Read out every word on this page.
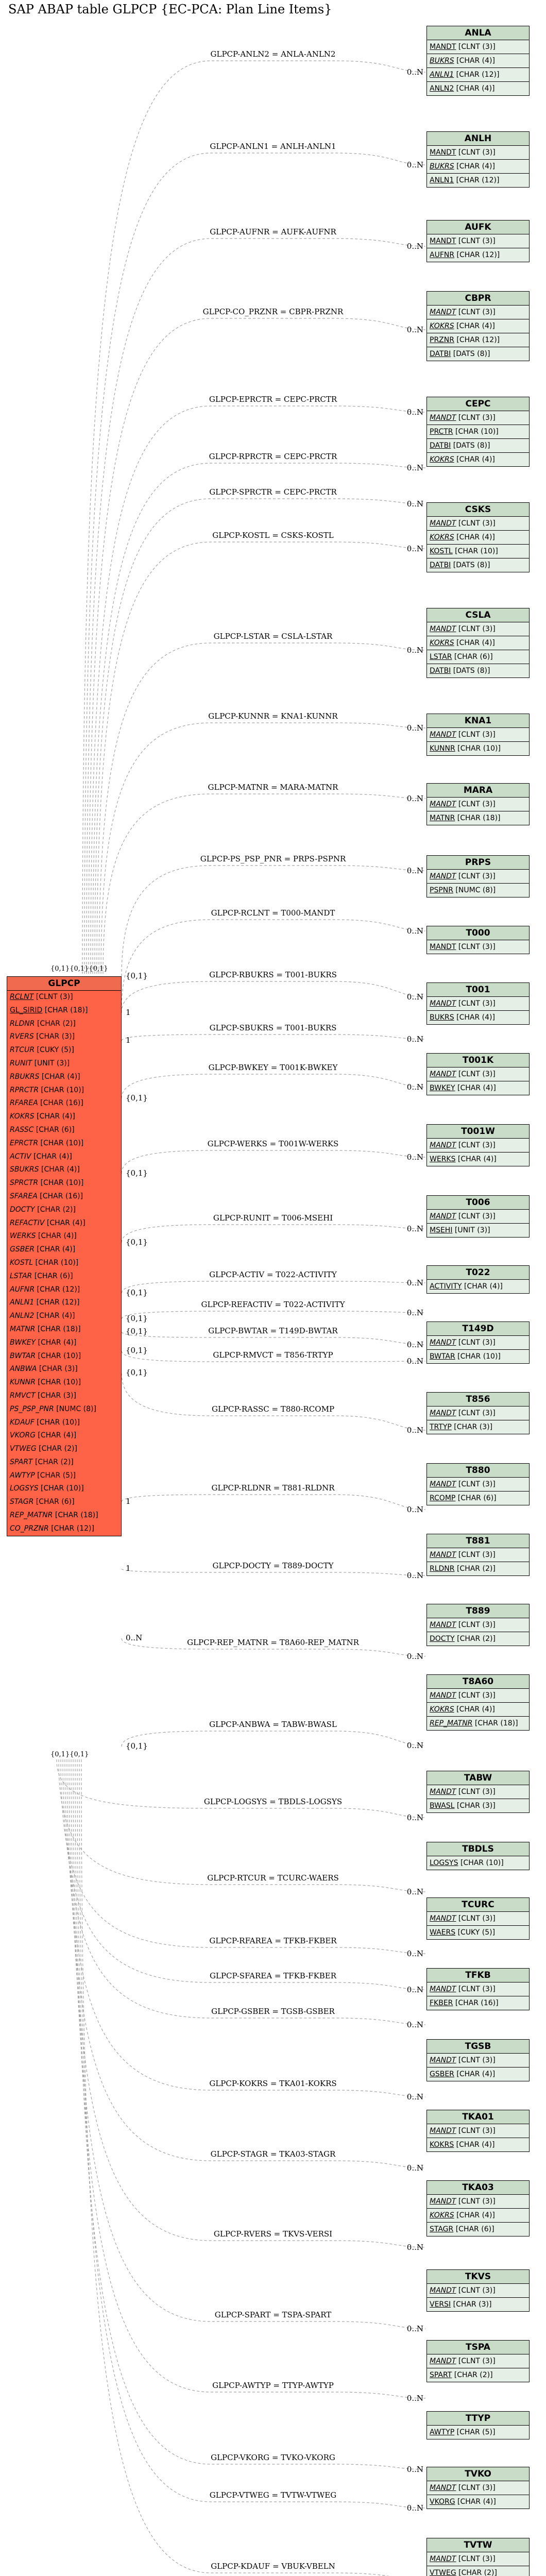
SAP ABAP table GLPCP {EC-PCA: Plan Line Items}
GLPCP-ANLN2 = ANLA-ANLN2
0..N
GLPCP-ANLN1 = ANLH-ANLN1
0..N
GLPCP-AUFNR = AUFK-AUFNR
0..N
GLPCP-CO_PRZNR = CBPR-PRZNR
0..N
GLPCP-EPRCTR = CEPC-PRCTR
0..N
GLPCP-RPRCTR = CEPC-PRCTR
0..N
GLPCP-SPRCTR = CEPC-PRCTR
0..N
GLPCP-KOSTL = CSKS-KOSTL
0..N
GLPCP-LSTAR = CSLA-LSTAR
0..N
GLPCP-KUNNR = KNA1-KUNNR
0..N
GLPCP-MATNR = MARA-MATNR
0..N
GLPCP-PS_PSP_PNR = PRPS-PSPNR
0..N
{0,1}
GLPCP-RCLNT = T000-MANDT
0..N
GLPCP-RBUKRS = T001-BUKRS
0..N
1
GLPCP-SBUKRS = T001-BUKRS
0..N
1
GLPCP-BWKEY = T001K-BWKEY
0..N
{0,1}
GLPCP-WERKS = T001W-WERKS
0..N
{0,1}
GLPCP-RUNIT = T006-MSEHI
0..N
{0,1}
GLPCP-ACTIV = T022-ACTIVITY
0..N
{0,1}
GLPCP-REFACTIV = T022-ACTIVITY
0..N
{0,1}
GLPCP-BWTAR = T149D-BWTAR
0..N
{0,1}
GLPCP-RMVCT = T856-TRTYP
0..N
{0,1}
GLPCP-RASSC = T880-RCOMP
0..N
{0,1}
GLPCP-RLDNR = T881-RLDNR
0..N
1
GLPCP-DOCTY = T889-DOCTY
0..N
1
GLPCP-REP_MATNR = T8A60-REP_MATNR
0..N
0..N
GLPCP-ANBWA = TABW-BWASL
0..N
{0,1}
GLPCP-LOGSYS = TBDLS-LOGSYS
0..N
GLPCP-RTCUR = TCURC-WAERS
0..N
GLPCP-RFAREA = TFKB-FKBER
0..N
GLPCP-SFAREA = TFKB-FKBER
0..N
GLPCP-GSBER = TGSB-GSBER
0..N
GLPCP-KOKRS = TKA01-KOKRS
0..N
GLPCP-STAGR = TKA03-STAGR
0..N
GLPCP-RVERS = TKVS-VERSI
0..N
GLPCP-SPART = TSPA-SPART
0..N
GLPCP-AWTYP = TTYP-AWTYP
0..N
GLPCP-VKORG = TVKO-VKORG
0..N
GLPCP-VTWEG = TVTW-VTWEG
0..N
GLPCP-KDAUF = VBUK-VBELN
GLPCP
RCLNT [CLNT (3)]
GL_SIRID [CHAR (18)]
RLDNR [CHAR (2)]
RVERS [CHAR (3)]
RTCUR [CUKY (5)]
RUNIT [UNIT (3)]
RBUKRS [CHAR (4)]
RPRCTR [CHAR (10)]
RFAREA [CHAR (16)]
KOKRS [CHAR (4)]
RASSC [CHAR (6)]
EPRCTR [CHAR (10)]
ACTIV [CHAR (4)]
SBUKRS [CHAR (4)]
SPRCTR [CHAR (10)]
SFAREA [CHAR (16)]
DOCTY [CHAR (2)]
REFACTIV [CHAR (4)]
WERKS [CHAR (4)]
GSBER [CHAR (4)]
KOSTL [CHAR (10)]
LSTAR [CHAR (6)]
AUFNR [CHAR (12)]
ANLN1 [CHAR (12)]
ANLN2 [CHAR (4)]
MATNR [CHAR (18)]
BWKEY [CHAR (4)]
BWTAR [CHAR (10)]
ANBWA [CHAR (3)]
KUNNR [CHAR (10)]
RMVCT [CHAR (3)]
PS_PSP_PNR [NUMC (8)]
KDAUF [CHAR (10)]
VKORG [CHAR (4)]
VTWEG [CHAR (2)]
SPART [CHAR (2)]
AWTYP [CHAR (5)]
LOGSYS [CHAR (10)]
STAGR [CHAR (6)]
REP_MATNR [CHAR (18)]
CO_PRZNR [CHAR (12)]
{0,1}{0,1}{0,1}
{0,1}{0,1}
ANLA
MANDT [CLNT (3)]
BUKRS [CHAR (4)]
ANLN1 [CHAR (12)]
ANLN2 [CHAR (4)]
ANLH
MANDT [CLNT (3)]
BUKRS [CHAR (4)]
ANLN1 [CHAR (12)]
AUFK
MANDT [CLNT (3)]
AUFNR [CHAR (12)]
CBPR
MANDT [CLNT (3)]
KOKRS [CHAR (4)]
PRZNR [CHAR (12)]
DATBI [DATS (8)]
CEPC
MANDT [CLNT (3)]
PRCTR [CHAR (10)]
DATBI [DATS (8)]
KOKRS [CHAR (4)]
CSKS
MANDT [CLNT (3)]
KOKRS [CHAR (4)]
KOSTL [CHAR (10)]
DATBI [DATS (8)]
CSLA
MANDT [CLNT (3)]
KOKRS [CHAR (4)]
LSTAR [CHAR (6)]
DATBI [DATS (8)]
KNA1
MANDT [CLNT (3)]
KUNNR [CHAR (10)]
MARA
MANDT [CLNT (3)]
MATNR [CHAR (18)]
PRPS
MANDT [CLNT (3)]
PSPNR [NUMC (8)]
T000
MANDT [CLNT (3)]
T001
MANDT [CLNT (3)]
BUKRS [CHAR (4)]
T001K
MANDT [CLNT (3)]
BWKEY [CHAR (4)]
T001W
MANDT [CLNT (3)]
WERKS [CHAR (4)]
T006
MANDT [CLNT (3)]
MSEHI [UNIT (3)]
T022
ACTIVITY [CHAR (4)]
T149D
MANDT [CLNT (3)]
BWTAR [CHAR (10)]
T856
MANDT [CLNT (3)]
TRTYP [CHAR (3)]
T880
MANDT [CLNT (3)]
RCOMP [CHAR (6)]
T881
MANDT [CLNT (3)]
RLDNR [CHAR (2)]
T889
MANDT [CLNT (3)]
DOCTY [CHAR (2)]
T8A60
MANDT [CLNT (3)]
KOKRS [CHAR (4)]
REP_MATNR [CHAR (18)]
TABW
MANDT [CLNT (3)]
BWASL [CHAR (3)]
TBDLS
LOGSYS [CHAR (10)]
TCURC
MANDT [CLNT (3)]
WAERS [CUKY (5)]
TFKB
MANDT [CLNT (3)]
FKBER [CHAR (16)]
TGSB
MANDT [CLNT (3)]
GSBER [CHAR (4)]
TKA01
MANDT [CLNT (3)]
KOKRS [CHAR (4)]
TKA03
MANDT [CLNT (3)]
KOKRS [CHAR (4)]
STAGR [CHAR (6)]
TKVS
MANDT [CLNT (3)]
VERSI [CHAR (3)]
TSPA
MANDT [CLNT (3)]
SPART [CHAR (2)]
TTYP
AWTYP [CHAR (5)]
TVKO
MANDT [CLNT (3)]
VKORG [CHAR (4)]
TVTW
MANDT [CLNT (3)]
VTWEG [CHAR (2)]
